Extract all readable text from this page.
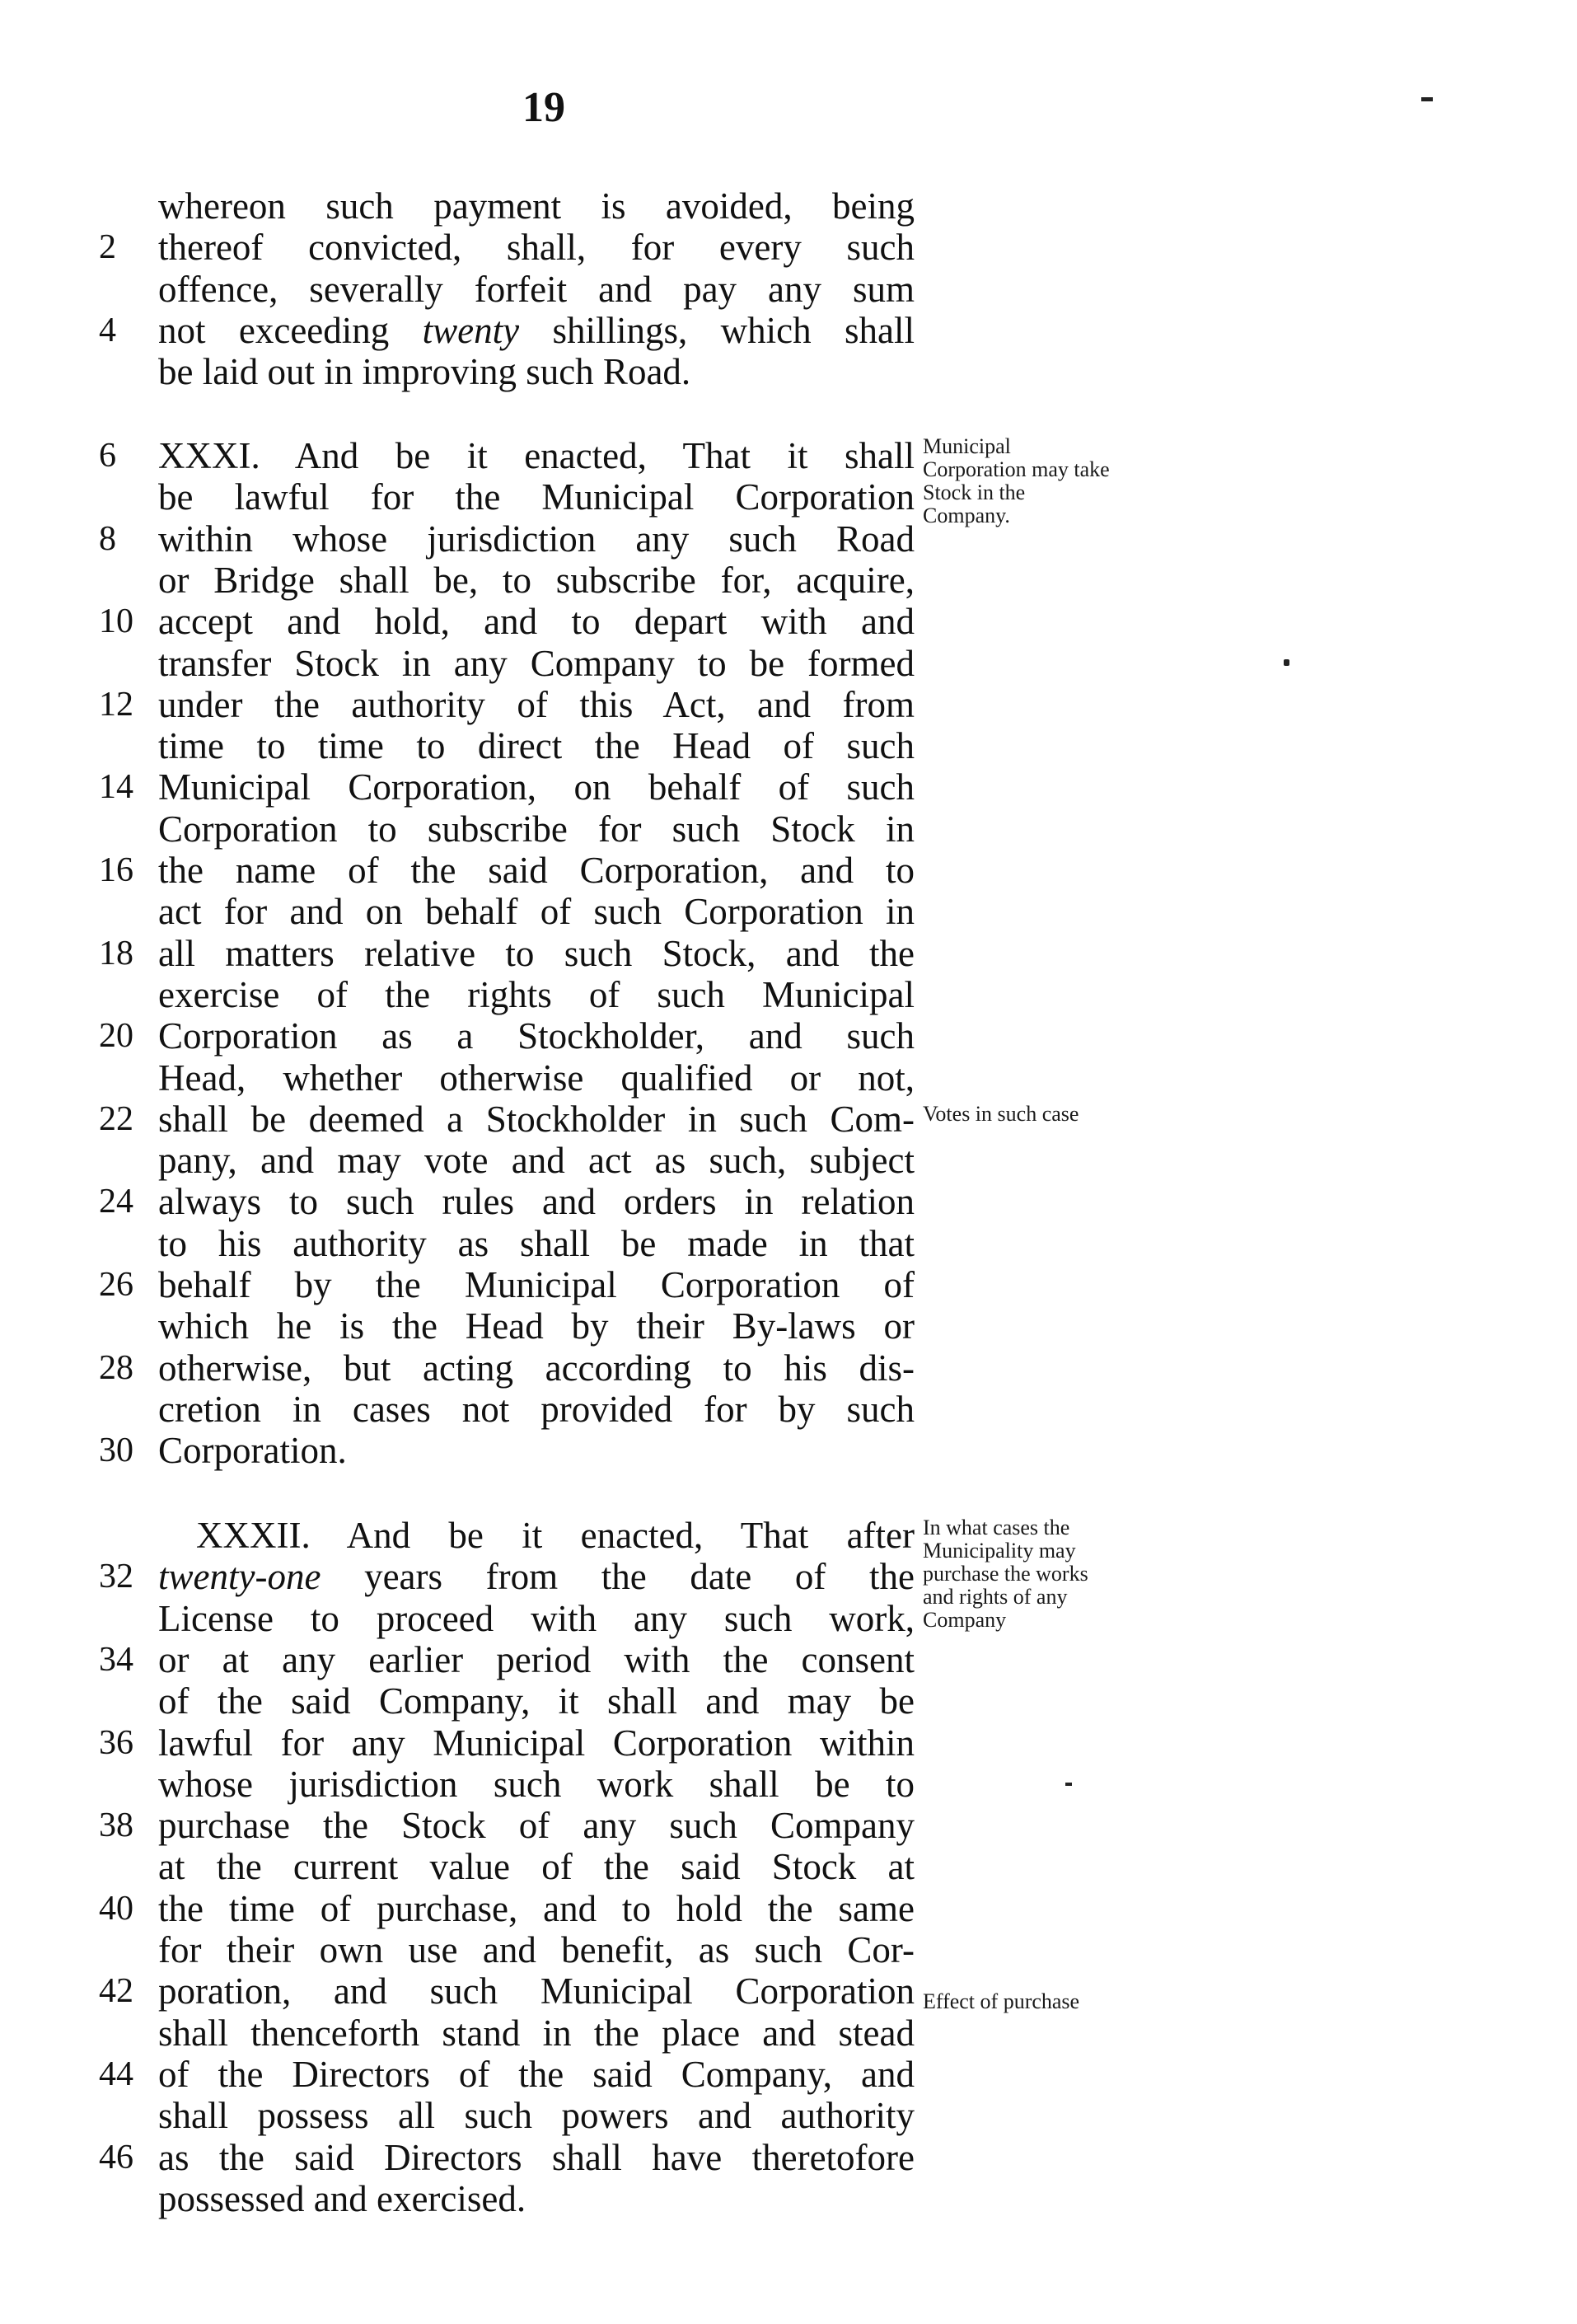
19
whereon such payment is avoided, being
2	thereof convicted, shall, for every such
offence, severally forfeit and pay any sum
4	not exceeding twenty shillings, which shall
be laid out in improving such Road.
6	XXXI. And be it enacted, That it shall
be lawful for the Municipal Corporation
8	within whose jurisdiction any such Road
or Bridge shall be, to subscribe for, acquire,
10 accept and hold, and to depart with and
transfer Stock in any Company to be formed
12 under the authority of this Act, and from
time to time to direct the Head of such
14 Municipal Corporation, on behalf of such
Corporation to subscribe for such Stock in
16 the name of the said Corporation, and to
act for and on behalf of such Corporation in
18 all matters relative to such Stock, and the
exercise of the rights of such Municipal
20 Corporation as a Stockholder, and such
Head, whether otherwise qualified or not,
22 shall be deemed a Stockholder in such Com-
pany, and may vote and act as such, subject
24 always to such rules and orders in relation
to his authority as shall be made in that
26 behalf by the Municipal Corporation of
which he is the Head by their By-laws or
28 otherwise, but acting according to his dis-
cretion in cases not provided for by such
30 Corporation.
XXXII. And be it enacted, That after
32 twenty-one years from the date of the
License to proceed with any such work,
34 or at any earlier period with the consent
of the said Company, it shall and may be
36 lawful for any Municipal Corporation within
whose jurisdiction such work shall be to
38 purchase the Stock of any such Company
at the current value of the said Stock at
40 the time of purchase, and to hold the same
for their own use and benefit, as such Cor-
42 poration, and such Municipal Corporation
shall thenceforth stand in the place and stead
44 of the Directors of the said Company, and
shall possess all such powers and authority
46 as the said Directors shall have theretofore
possessed and exercised.
Municipal Corporation may take Stock in the Company.
Votes in such case
In what cases the Municipality may purchase the works and rights of any Company
Effect of purchase
